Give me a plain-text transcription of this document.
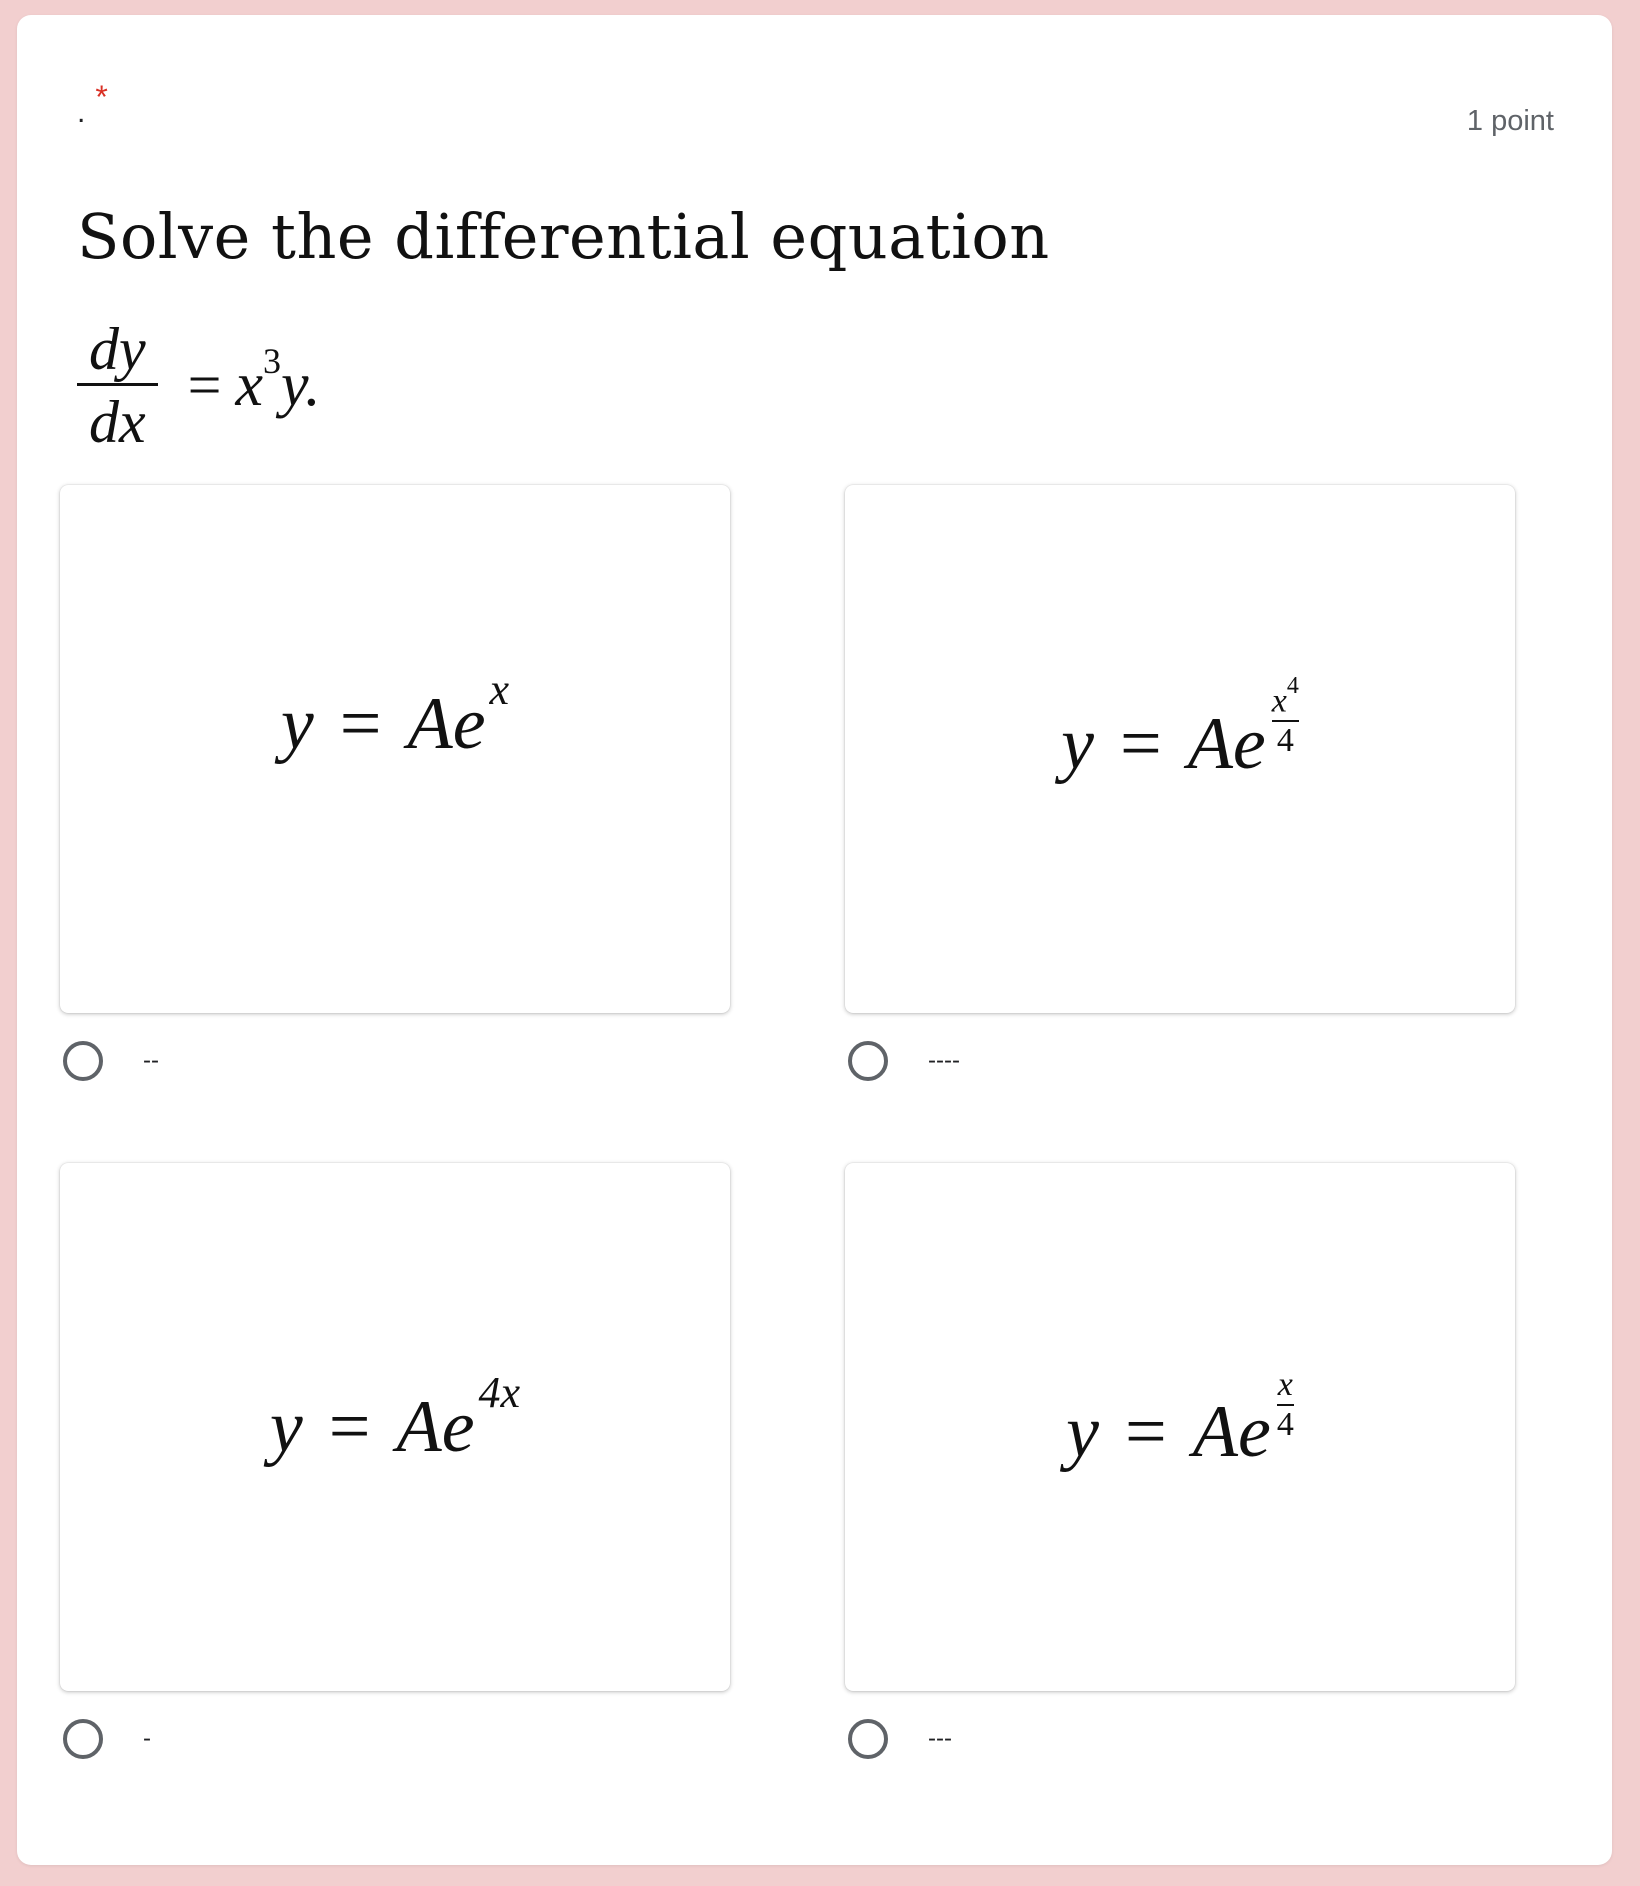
. *
1 point
Solve the differential equation
$\frac{dy}{dx} = x^3y$.
y = Ae x
--
y = Ae
$x^4$
4
----
y = Ae 4x
-
y = Ae
x
4
---
